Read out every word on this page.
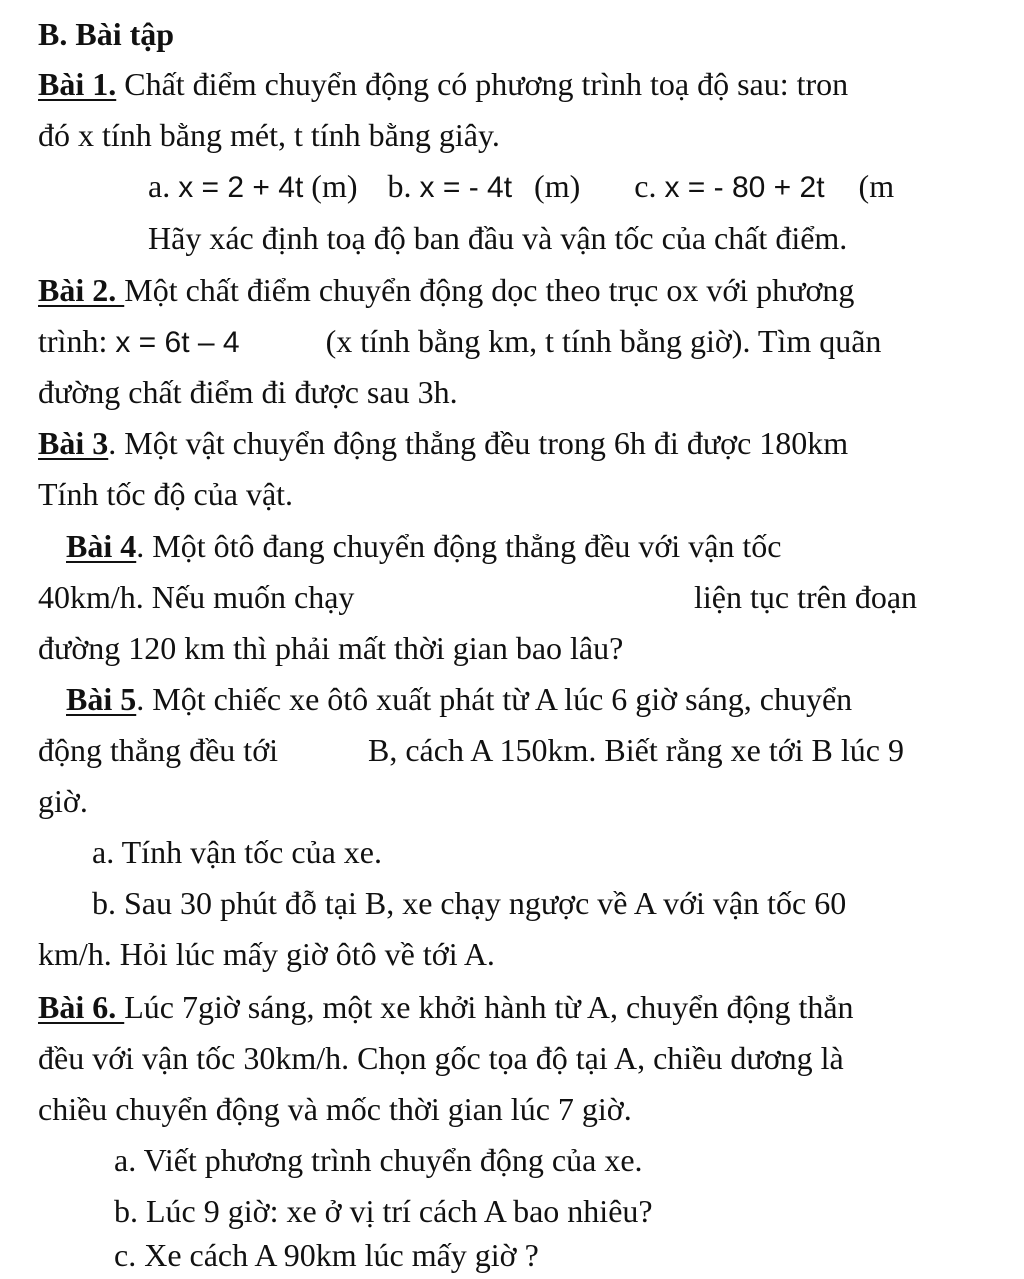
B. Bài tập
Bài 1. Chất điểm chuyển động có phương trình toạ độ sau: tron
đó x tính bằng mét, t tính bằng giây.
a. x = 2 + 4t (m) b. x = - 4t (m) c. x = - 80 + 2t (m
Hãy xác định toạ độ ban đầu và vận tốc của chất điểm.
Bài 2. Một chất điểm chuyển động dọc theo trục ox với phương
trình: x = 6t – 4	(x tính bằng km, t tính bằng giờ). Tìm quãn
đường chất điểm đi được sau 3h.
Bài 3. Một vật chuyển động thẳng đều trong 6h đi được 180km
Tính tốc độ của vật.
Bài 4. Một ôtô đang chuyển động thẳng đều với vận tốc
40km/h. Nếu muốn chạy	liện tục trên đoạn
đường 120 km thì phải mất thời gian bao lâu?
Bài 5. Một chiếc xe ôtô xuất phát từ A lúc 6 giờ sáng, chuyển
động thẳng đều tới	B, cách A 150km. Biết rằng xe tới B lúc 9
giờ.
a. Tính vận tốc của xe.
b. Sau 30 phút đỗ tại B, xe chạy ngược về A với vận tốc 60
km/h. Hỏi lúc mấy giờ ôtô về tới A.
Bài 6. Lúc 7giờ sáng, một xe khởi hành từ A, chuyển động thẳn
đều với vận tốc 30km/h. Chọn gốc tọa độ tại A, chiều dương là
chiều chuyển động và mốc thời gian lúc 7 giờ.
a. Viết phương trình chuyển động của xe.
b. Lúc 9 giờ: xe ở vị trí cách A bao nhiêu?
c. Xe cách A 90km lúc mấy giờ ?
